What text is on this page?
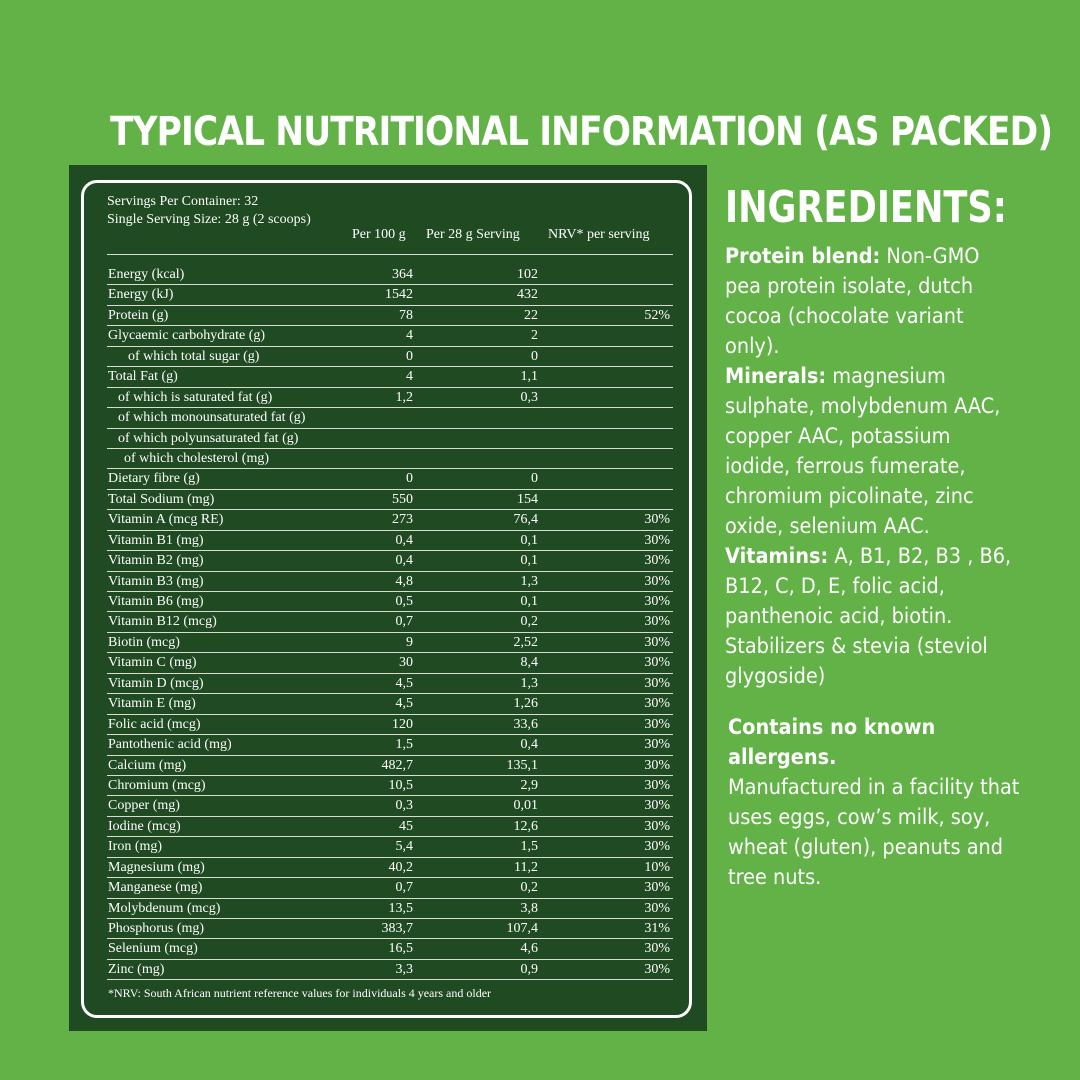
TYPICAL NUTRITIONAL INFORMATION (AS PACKED)
Servings Per Container: 32
Single Serving Size: 28 g (2 scoops)
Per 100 g Per 28 g Serving NRV* per serving
Energy (kcal)	364	102
Energy (kJ)	1542	432
Protein (g)	78	22	52%
Glycaemic carbohydrate (g)	4	2
of which total sugar (g)	0	0
Total Fat (g)	4	1,1
of which is saturated fat (g)	1,2	0,3
of which monounsaturated fat (g)
of which polyunsaturated fat (g)
of which cholesterol (mg)
Dietary fibre (g)	0	0
Total Sodium (mg)	550	154
Vitamin A (mcg RE)	273	76,4	30%
Vitamin B1 (mg)	0,4	0,1	30%
Vitamin B2 (mg)	0,4	0,1	30%
Vitamin B3 (mg)	4,8	1,3	30%
Vitamin B6 (mg)	0,5	0,1	30%
Vitamin B12 (mcg)	0,7	0,2	30%
Biotin (mcg)	9	2,52	30%
Vitamin C (mg)	30	8,4	30%
Vitamin D (mcg)	4,5	1,3	30%
Vitamin E (mg)	4,5	1,26	30%
Folic acid (mcg)	120	33,6	30%
Pantothenic acid (mg)	1,5	0,4	30%
Calcium (mg)	482,7	135,1	30%
Chromium (mcg)	10,5	2,9	30%
Copper (mg)	0,3	0,01	30%
Iodine (mcg)	45	12,6	30%
Iron (mg)	5,4	1,5	30%
Magnesium (mg)	40,2	11,2	10%
Manganese (mg)	0,7	0,2	30%
Molybdenum (mcg)	13,5	3,8	30%
Phosphorus (mg)	383,7	107,4	31%
Selenium (mcg)	16,5	4,6	30%
Zinc (mg)	3,3	0,9	30%
*NRV: South African nutrient reference values for individuals 4 years and older
INGREDIENTS:

Protein blend: Non-GMO pea protein isolate, dutch cocoa (chocolate variant only).

Minerals: magnesium sulphate, molybdenum AAC, copper AAC, potassium iodide, ferrous fumerate, chromium picolinate, zinc oxide, selenium AAC.

Vitamins: A, B1, B2, B3 , B6, B12, C, D, E, folic acid, panthenoic acid, biotin.

Stabilizers & stevia (steviol glygoside)

Contains no known allergens.

Manufactured in a facility that uses eggs, cow’s milk, soy, wheat (gluten), peanuts and tree nuts.
